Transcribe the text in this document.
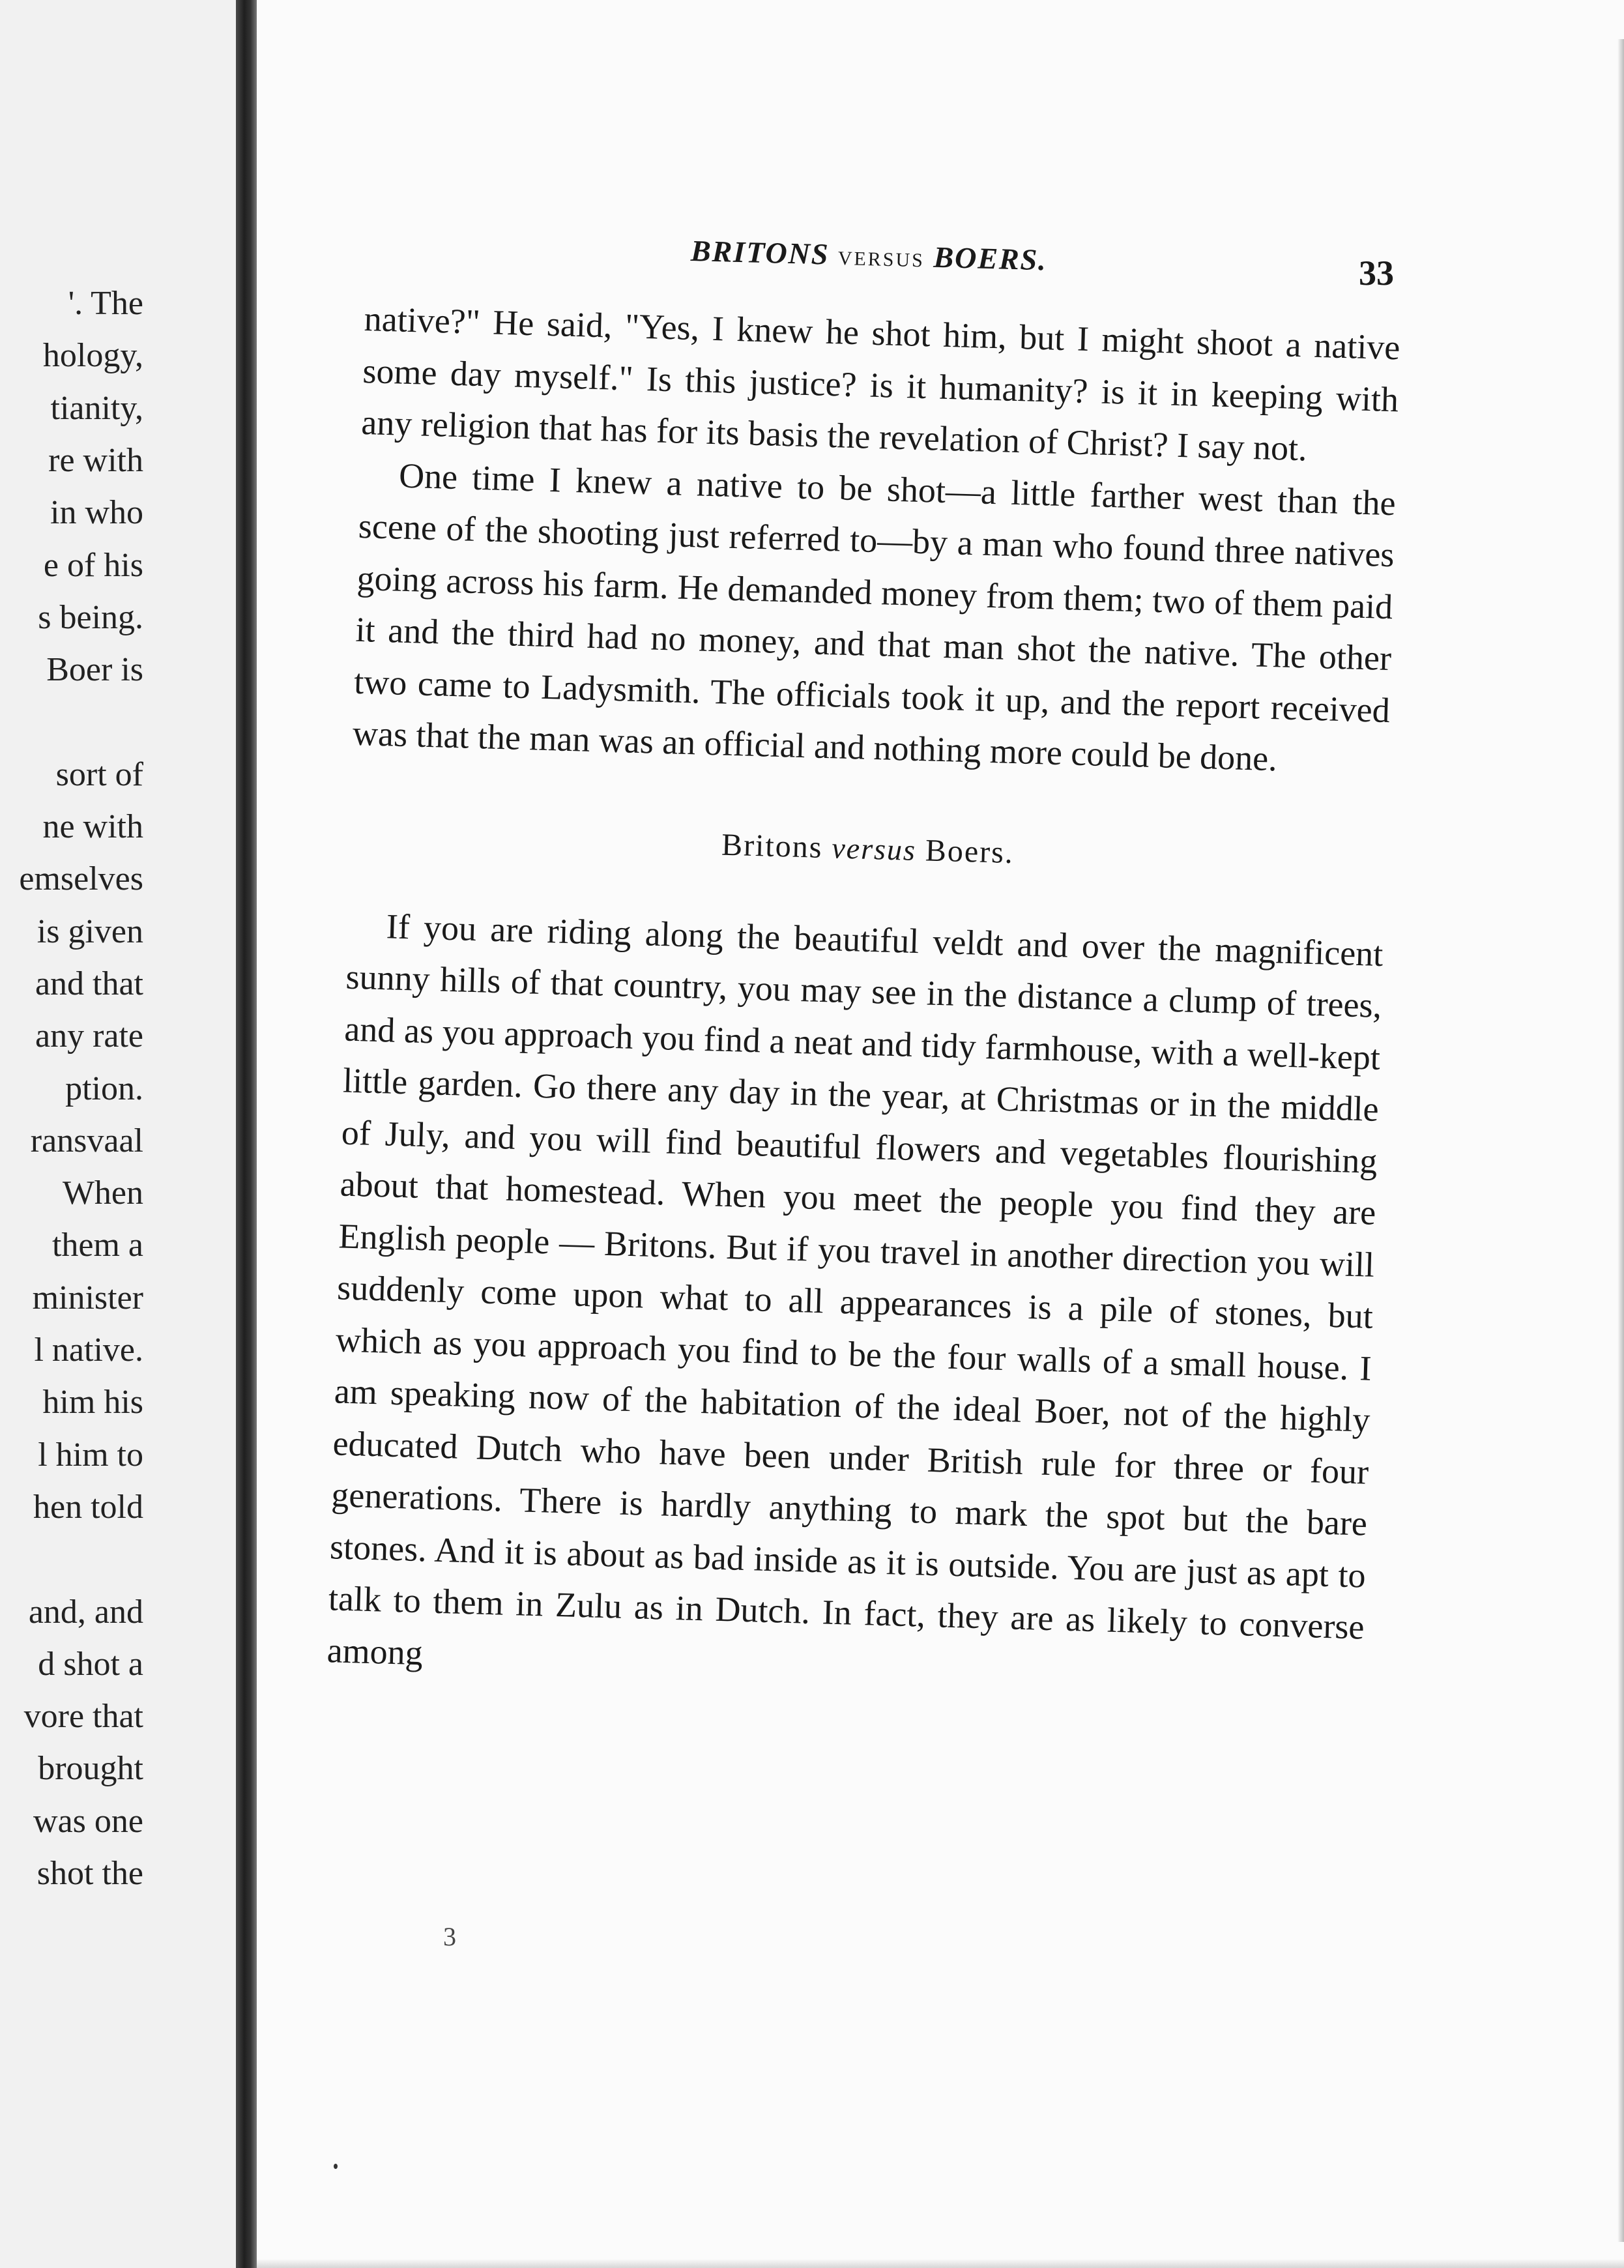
'. The
hology,
tianity,
re with
in who
e of his
s being.
Boer is
sort of
ne with
emselves
is given
and that
any rate
ption.
ransvaal
When
them a
minister
l native.
him his
l him to
hen told
and, and
d shot a
vore that
brought
was one
shot the
BRITONS VERSUS BOERS.	33

native?" He said, "Yes, I knew he shot him, but I might shoot a native some day myself." Is this justice? is it humanity? is it in keeping with any religion that has for its basis the revelation of Christ? I say not.

One time I knew a native to be shot—a little farther west than the scene of the shooting just referred to—by a man who found three natives going across his farm. He demanded money from them; two of them paid it and the third had no money, and that man shot the native. The other two came to Ladysmith. The officials took it up, and the report received was that the man was an official and nothing more could be done.

Britons versus Boers.

If you are riding along the beautiful veldt and over the magnificent sunny hills of that country, you may see in the distance a clump of trees, and as you approach you find a neat and tidy farmhouse, with a well-kept little garden. Go there any day in the year, at Christmas or in the middle of July, and you will find beautiful flowers and vegetables flourishing about that homestead. When you meet the people you find they are English people — Britons. But if you travel in another direction you will suddenly come upon what to all appearances is a pile of stones, but which as you approach you find to be the four walls of a small house. I am speaking now of the habitation of the ideal Boer, not of the highly educated Dutch who have been under British rule for three or four generations. There is hardly anything to mark the spot but the bare stones. And it is about as bad inside as it is outside. You are just as apt to talk to them in Zulu as in Dutch. In fact, they are as likely to converse among

3
